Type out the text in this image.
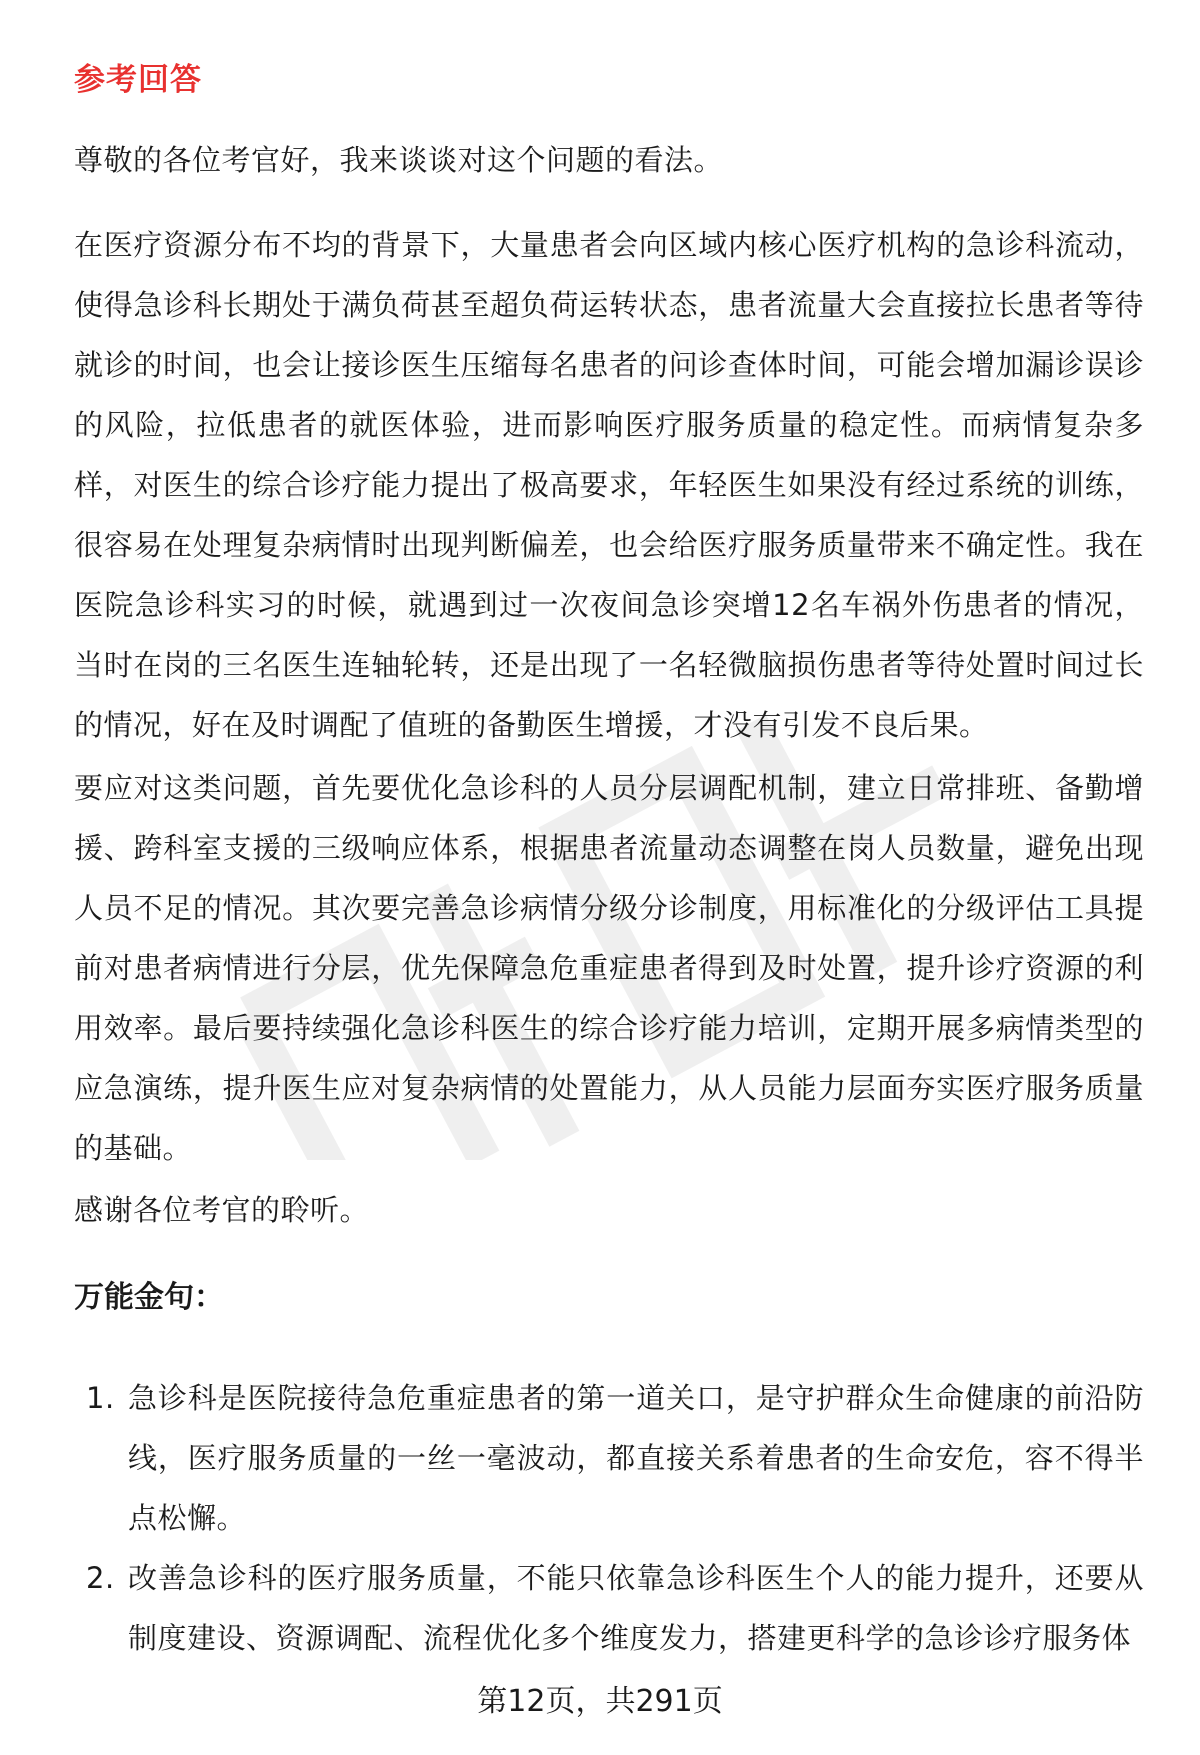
参考回答
尊敬的各位考官好，我来谈谈对这个问题的看法。
在医疗资源分布不均的背景下，大量患者会向区域内核心医疗机构的急诊科流动，使得急诊科长期处于满负荷甚至超负荷运转状态，患者流量大会直接拉长患者等待就诊的时间，也会让接诊医生压缩每名患者的问诊查体时间，可能会增加漏诊误诊的风险，拉低患者的就医体验，进而影响医疗服务质量的稳定性。而病情复杂多样，对医生的综合诊疗能力提出了极高要求，年轻医生如果没有经过系统的训练，很容易在处理复杂病情时出现判断偏差，也会给医疗服务质量带来不确定性。我在医院急诊科实习的时候，就遇到过一次夜间急诊突增12名车祸外伤患者的情况，当时在岗的三名医生连轴轮转，还是出现了一名轻微脑损伤患者等待处置时间过长的情况，好在及时调配了值班的备勤医生增援，才没有引发不良后果。
要应对这类问题，首先要优化急诊科的人员分层调配机制，建立日常排班、备勤增援、跨科室支援的三级响应体系，根据患者流量动态调整在岗人员数量，避免出现人员不足的情况。其次要完善急诊病情分级分诊制度，用标准化的分级评估工具提前对患者病情进行分层，优先保障急危重症患者得到及时处置，提升诊疗资源的利用效率。最后要持续强化急诊科医生的综合诊疗能力培训，定期开展多病情类型的应急演练，提升医生应对复杂病情的处置能力，从人员能力层面夯实医疗服务质量的基础。
感谢各位考官的聆听。
万能金句：
1. 急诊科是医院接待急危重症患者的第一道关口，是守护群众生命健康的前沿防线，医疗服务质量的一丝一毫波动，都直接关系着患者的生命安危，容不得半点松懈。
2. 改善急诊科的医疗服务质量，不能只依靠急诊科医生个人的能力提升，还要从制度建设、资源调配、流程优化多个维度发力，搭建更科学的急诊诊疗服务体
第12页，共291页
